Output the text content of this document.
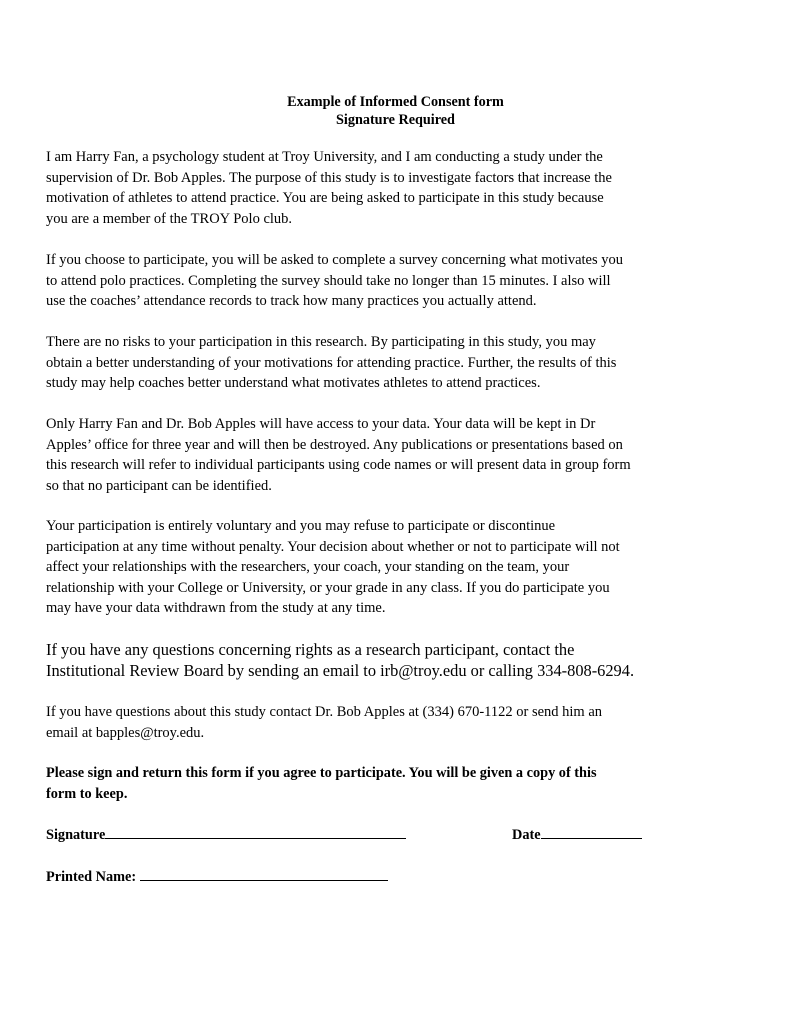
Example of Informed Consent form
Signature Required
I am Harry Fan, a psychology student at Troy University, and I am conducting a study under the
supervision of Dr. Bob Apples. The purpose of this study is to investigate factors that increase the
motivation of athletes to attend practice. You are being asked to participate in this study because
you are a member of the TROY Polo club.
If you choose to participate, you will be asked to complete a survey concerning what motivates you
to attend polo practices. Completing the survey should take no longer than 15 minutes. I also will
use the coaches’ attendance records to track how many practices you actually attend.
There are no risks to your participation in this research. By participating in this study, you may
obtain a better understanding of your motivations for attending practice. Further, the results of this
study may help coaches better understand what motivates athletes to attend practices.
Only Harry Fan and Dr. Bob Apples will have access to your data. Your data will be kept in Dr
Apples’ office for three year and will then be destroyed. Any publications or presentations based on
this research will refer to individual participants using code names or will present data in group form
so that no participant can be identified.
Your participation is entirely voluntary and you may refuse to participate or discontinue
participation at any time without penalty. Your decision about whether or not to participate will not
affect your relationships with the researchers, your coach, your standing on the team, your
relationship with your College or University, or your grade in any class. If you do participate you
may have your data withdrawn from the study at any time.
If you have any questions concerning rights as a research participant, contact the
Institutional Review Board by sending an email to irb@troy.edu or calling 334-808-6294.
If you have questions about this study contact Dr. Bob Apples at (334) 670-1122 or send him an
email at bapples@troy.edu.
Please sign and return this form if you agree to participate. You will be given a copy of this
form to keep.
Signature	Date
Printed Name:
